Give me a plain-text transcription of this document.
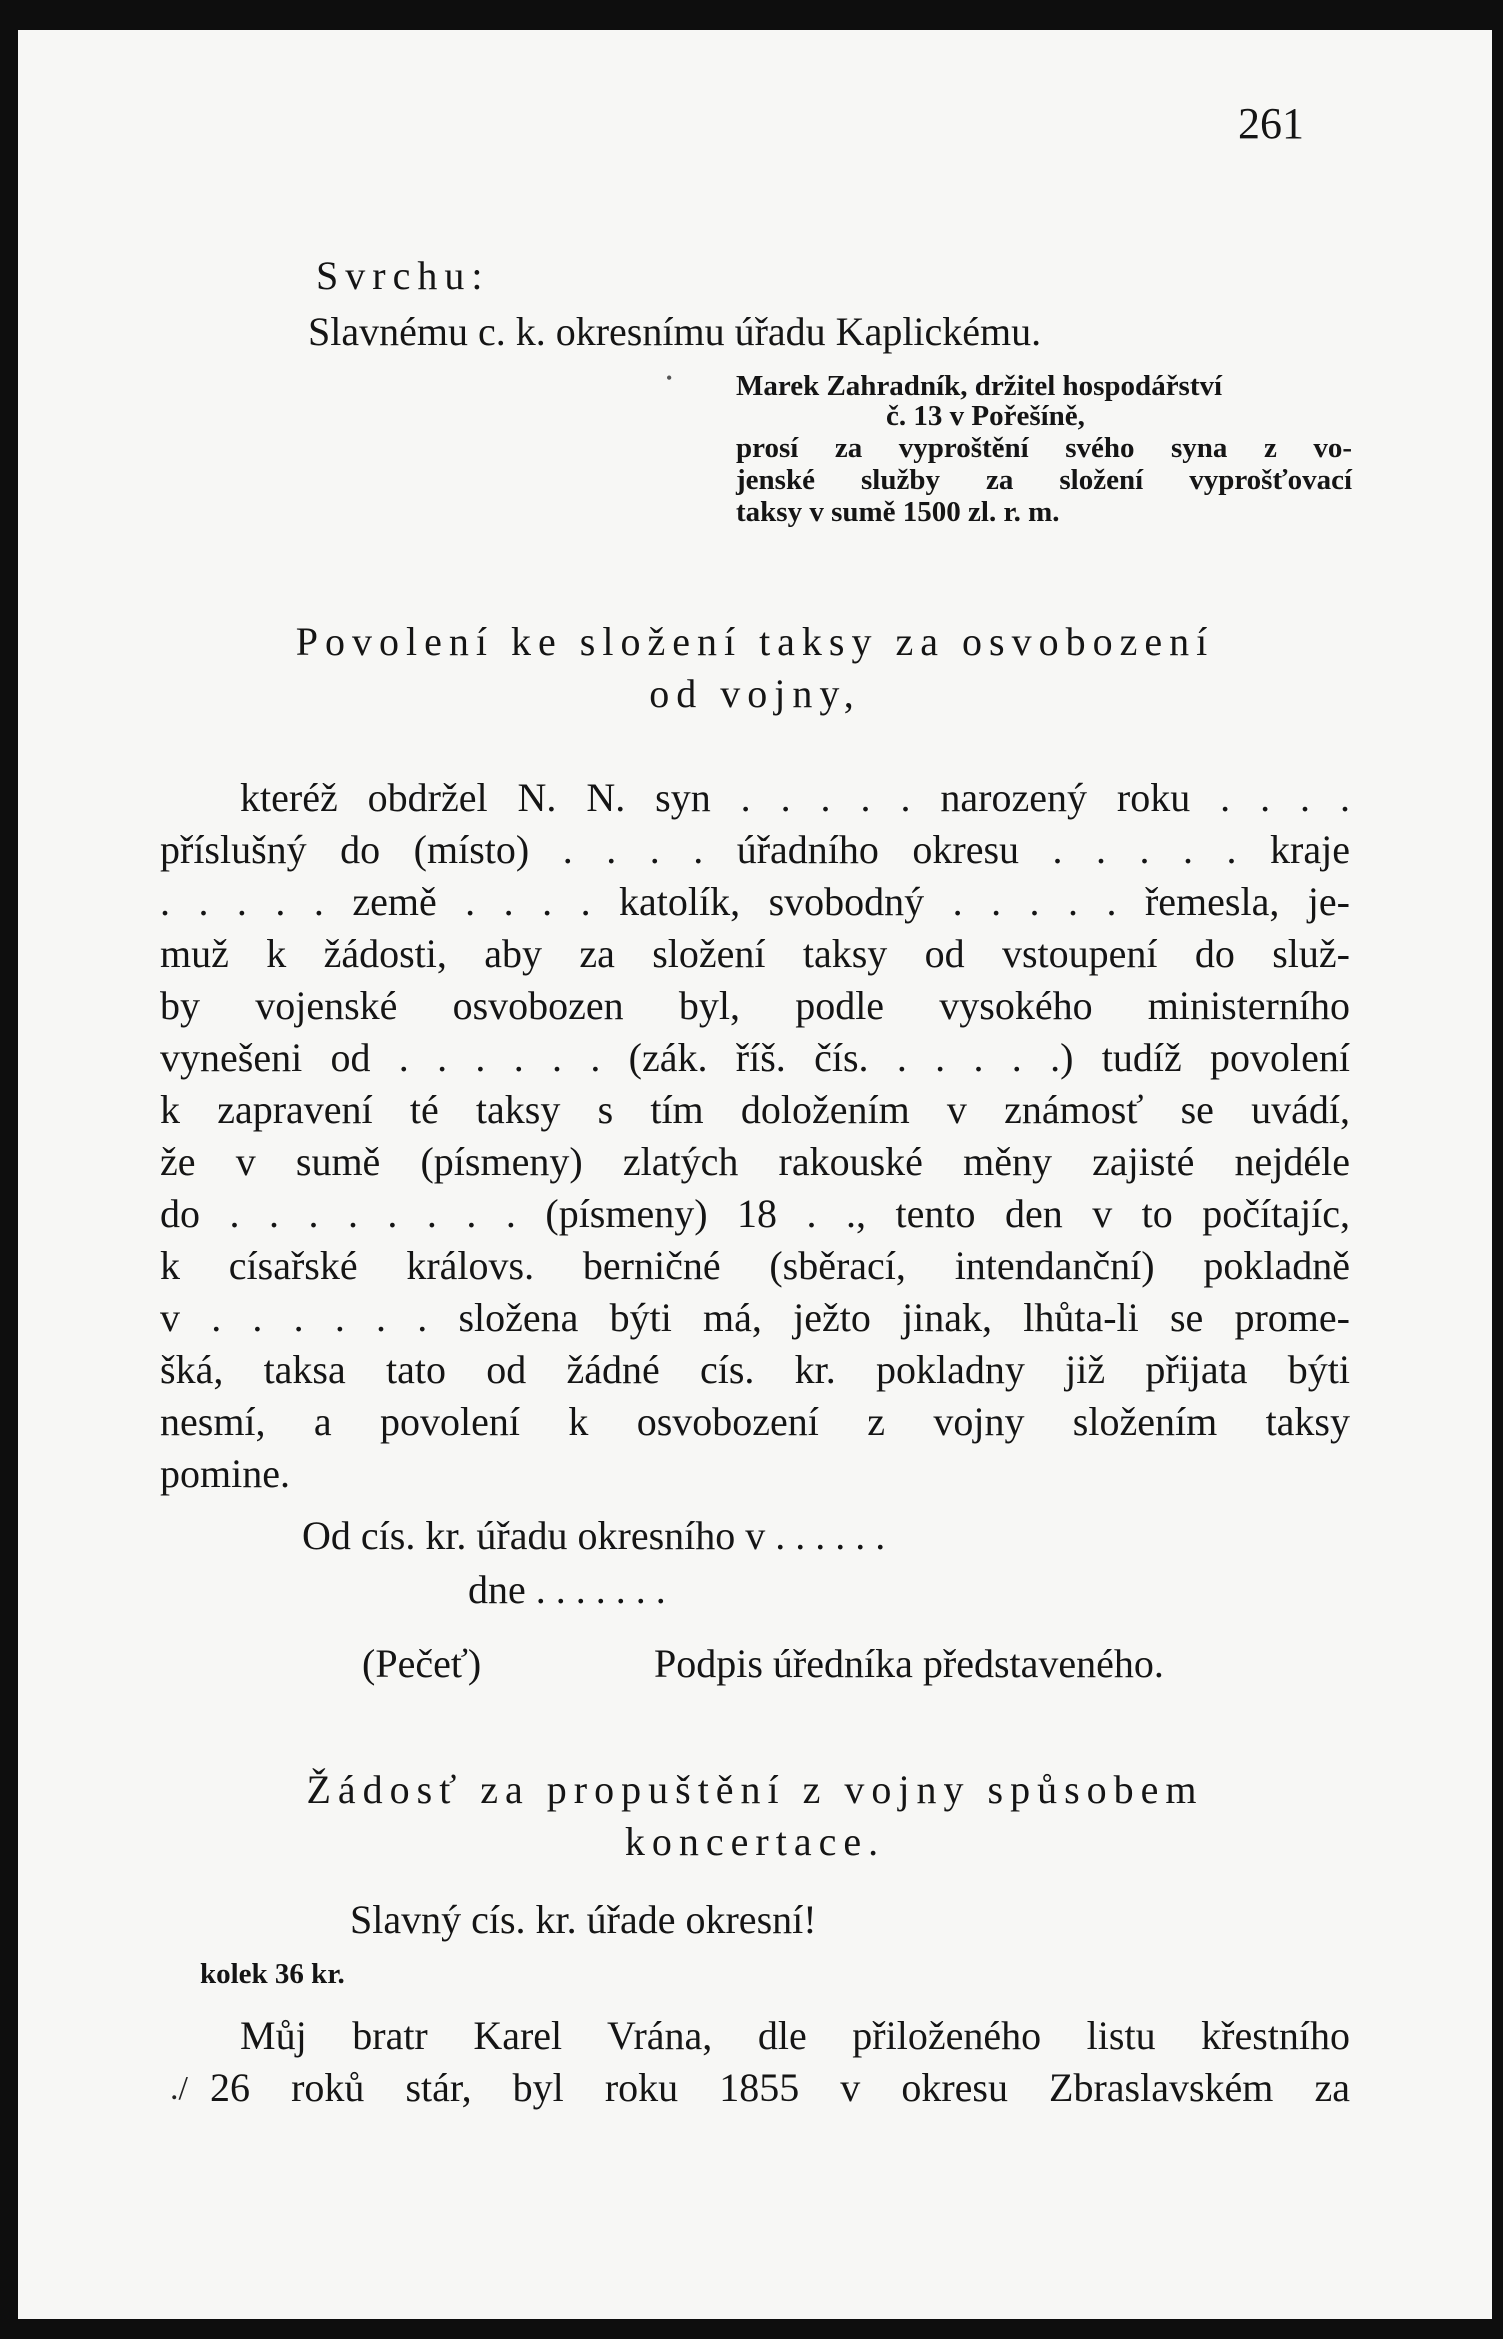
261

Svrchu:

Slavnému c. k. okresnímu úřadu Kaplickému.

• Marek Zahradník, držitel hospodářství

č. 13 v Pořešíně,

prosí za vyproštění svého syna z vo-

jenské služby za složení vyprošťovací

taksy v sumě 1500 zl. r. m.

Povolení ke složení taksy za osvobození

od vojny,

kteréž obdržel N. N. syn . . . . . narozený roku . . . .

příslušný do (místo) . . . . úřadního okresu . . . . . kraje

. . . . . země . . . . katolík, svobodný . . . . . řemesla, je-

muž k žádosti, aby za složení taksy od vstoupení do služ-

by vojenské osvobozen byl, podle vysokého ministerního

vynešeni od . . . . . . (zák. říš. čís. . . . . .) tudíž povolení

k zapravení té taksy s tím doložením v známosť se uvádí,

že v sumě (písmeny) zlatých rakouské měny zajisté nejdéle

do . . . . . . . . (písmeny) 18 . ., tento den v to počítajíc,

k císařské královs. berničné (sběrací, intendanční) pokladně

v . . . . . . složena býti má, ježto jinak, lhůta-li se prome-

šká, taksa tato od žádné cís. kr. pokladny již přijata býti

nesmí, a povolení k osvobození z vojny složením taksy

pomine.

Od cís. kr. úřadu okresního v . . . . . .

dne . . . . . . .

(Pečeť)	Podpis úředníka představeného.

Žádosť za propuštění z vojny spůsobem

koncertace.

Slavný cís. kr. úřade okresní!

kolek 36 kr.

Můj bratr Karel Vrána, dle přiloženého listu křestního

./ 26 roků stár, byl roku 1855 v okresu Zbraslavském za
